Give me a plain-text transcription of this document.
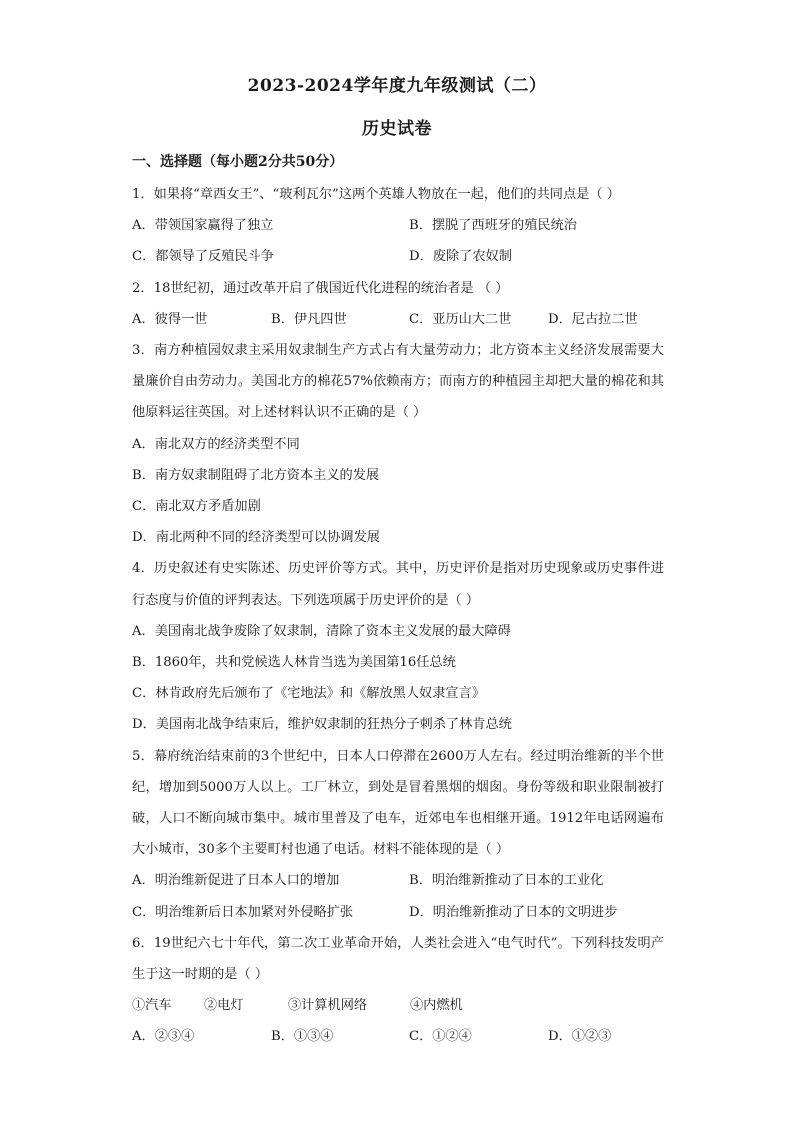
2023-2024学年度九年级测试（二）
历史试卷
一、选择题（每小题2分共50分）
1．如果将“章西女王”、“玻利瓦尔”这两个英雄人物放在一起，他们的共同点是（ ）
A．带领国家赢得了独立	B．摆脱了西班牙的殖民统治
C．都领导了反殖民斗争	D．废除了农奴制
2．18世纪初，通过改革开启了俄国近代化进程的统治者是 （ ）
A．彼得一世	B．伊凡四世	C．亚历山大二世	D．尼古拉二世
3．南方种植园奴隶主采用奴隶制生产方式占有大量劳动力；北方资本主义经济发展需要大量廉价自由劳动力。美国北方的棉花57%依赖南方；而南方的种植园主却把大量的棉花和其他原料运往英国。对上述材料认识不正确的是（ ）
A．南北双方的经济类型不同
B．南方奴隶制阻碍了北方资本主义的发展
C．南北双方矛盾加剧
D．南北两种不同的经济类型可以协调发展
4．历史叙述有史实陈述、历史评价等方式。其中，历史评价是指对历史现象或历史事件进行态度与价值的评判表达。下列选项属于历史评价的是（ ）
A．美国南北战争废除了奴隶制，清除了资本主义发展的最大障碍
B．1860年，共和党候选人林肯当选为美国第16任总统
C．林肯政府先后颁布了《宅地法》和《解放黑人奴隶宣言》
D．美国南北战争结束后，维护奴隶制的狂热分子刺杀了林肯总统
5．幕府统治结束前的3个世纪中，日本人口停滞在2600万人左右。经过明治维新的半个世纪，增加到5000万人以上。工厂林立，到处是冒着黑烟的烟囱。身份等级和职业限制被打破，人口不断向城市集中。城市里普及了电车，近郊电车也相继开通。1912年电话网遍布大小城市，30多个主要町村也通了电话。材料不能体现的是（ ）
A．明治维新促进了日本人口的增加	B．明治维新推动了日本的工业化
C．明治维新后日本加紧对外侵略扩张	D．明治维新推动了日本的文明进步
6．19世纪六七十年代，第二次工业革命开始，人类社会进入“电气时代”。下列科技发明产生于这一时期的是（ ）
①汽车 ②电灯	③计算机网络	④内燃机
A．②③④	B．①③④	C．①②④	D．①②③
